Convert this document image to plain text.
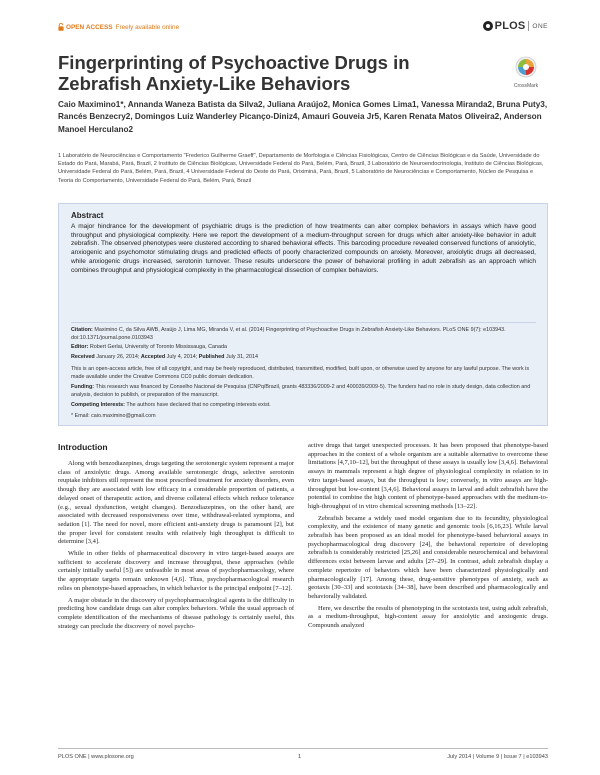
OPEN
ACCESS Freely available online	PLOS ONE
Fingerprinting of Psychoactive Drugs in Zebrafish Anxiety-Like Behaviors	CrossMark
Caio Maximino1*, Annanda Waneza Batista da Silva2, Juliana Araújo2, Monica Gomes Lima1, Vanessa Miranda2, Bruna Puty3, Rancés Benzecry2, Domingos Luiz Wanderley Picanço-Diniz4, Amauri Gouveia Jr5, Karen Renata Matos Oliveira2, Anderson Manoel Herculano2
1 Laboratório de Neurociências e Comportamento "Frederico Guilherme Graeff", Departamento de Morfologia e Ciências Fisiológicas, Centro de Ciências Biológicas e da Saúde, Universidade do Estado do Pará, Marabá, Pará, Brazil, 2 Instituto de Ciências Biológicas, Universidade Federal do Pará, Belém, Pará, Brazil, 3 Laboratório de Neuroendocrinologia, Instituto de Ciências Biológicas, Universidade Federal do Pará, Belém, Pará, Brazil, 4 Universidade Federal do Oeste do Pará, Oriximiná, Pará, Brazil, 5 Laboratório de Neurociências e Comportamento, Núcleo de Pesquisa e Teoria do Comportamento, Universidade Federal do Pará, Belém, Pará, Brazil
Abstract
A major hindrance for the development of psychiatric drugs is the prediction of how treatments can alter complex behaviors in assays which have good throughput and physiological complexity. Here we report the development of a medium-throughput screen for drugs which alter anxiety-like behavior in adult zebrafish. The observed phenotypes were clustered according to shared behavioral effects. This barcoding procedure revealed conserved functions of anxiolytic, anxiogenic and psychomotor stimulating drugs and predicted effects of poorly characterized compounds on anxiety. Moreover, anxiolytic drugs all decreased, while anxiogenic drugs increased, serotonin turnover. These results underscore the power of behavioral profiling in adult zebrafish as an approach which combines throughput and physiological complexity in the pharmacological dissection of complex behaviors.
Citation: Maximino C, da Silva AWB, Araújo J, Lima MG, Miranda V, et al. (2014) Fingerprinting of Psychoactive Drugs in Zebrafish Anxiety-Like Behaviors. PLoS ONE 9(7): e103943. doi:10.1371/journal.pone.0103943
Editor: Robert Gerlai, University of Toronto Mississauga, Canada
Received January 26, 2014; Accepted July 4, 2014; Published July 31, 2014
This is an open-access article, free of all copyright, and may be freely reproduced, distributed, transmitted, modified, built upon, or otherwise used by anyone for any lawful purpose. The work is made available under the Creative Commons CC0 public domain dedication.
Funding: This research was financed by Conselho Nacional de Pesquisa (CNPq/Brazil, grants 483336/2009-2 and 400039/2009-5). The funders had no role in study design, data collection and analysis, decision to publish, or preparation of the manuscript.
Competing Interests: The authors have declared that no competing interests exist.
* Email: caio.maximino@gmail.com
Introduction

Along with benzodiazepines, drugs targeting the serotonergic system represent a major class of anxiolytic drugs. Among available serotonergic drugs, selective serotonin reuptake inhibitors still represent the most prescribed treatment for anxiety disorders, even though they are associated with low efficacy in a considerable proportion of patients, a delayed onset of therapeutic action, and diverse collateral effects which reduce tolerance (e.g., sexual dysfunction, weight changes). Benzodiazepines, on the other hand, are associated with decreased responsiveness over time, withdrawal-related symptoms, and sedation [1]. The need for novel, more efficient anti-anxiety drugs is paramount [2], but the proper level for consistent results with relatively high throughput is difficult to determine [3,4].

While in other fields of pharmaceutical discovery in vitro target-based assays are sufficient to accelerate discovery and increase throughput, these approaches (while certainly initially useful [5]) are unfeasible in most areas of psychopharmacology, where the appropriate targets remain unknown [4,6]. Thus, psychopharmacological research relies on phenotype-based approaches, in which behavior is the principal endpoint [7–12].

A major obstacle in the discovery of psychopharmacological agents is the difficulty in predicting how candidate drugs can alter complex behaviors. While the usual approach of complete identification of the mechanisms of disease pathology is certainly useful, this strategy can preclude the discovery of novel psycho-

active drugs that target unexpected processes. It has been proposed that phenotype-based approaches in the context of a whole organism are a suitable alternative to overcome these limitations [4,7,10–12], but the throughput of these assays is usually low [3,4,6]. Behavioral assays in mammals represent a high degree of physiological complexity in relation to in vitro target-based assays, but the throughput is low; conversely, in vitro assays are high-throughput but low-content [3,4,6]. Behavioral assays in larval and adult zebrafish have the potential to combine the high content of phenotype-based approaches with the medium-to-high-throughput of in vitro chemical screening methods [13–22].

Zebrafish became a widely used model organism due to its fecundity, physiological complexity, and the existence of many genetic and genomic tools [6,16,23]. While larval zebrafish has been proposed as an ideal model for phenotype-based behavioral assays in psychopharmacological drug discovery [24], the behavioral repertoire of developing zebrafish is considerably restricted [25,26] and considerable neurochemical and behavioral differences exist between larvae and adults [27–29]. In contrast, adult zebrafish display a complete repertoire of behaviors which have been characterized physiologically and pharmacologically [17]. Among these, drug-sensitive phenotypes of anxiety, such as geotaxis [30–33] and scototaxis [34–38], have been described and pharmacologically and behaviorally validated.

Here, we describe the results of phenotyping in the scototaxis test, using adult zebrafish, as a medium-throughput, high-content assay for anxiolytic and anxiogenic drugs. Compounds analyzed

PLOS ONE | www.plosone.org	1	July 2014 | Volume 9 | Issue 7 | e103943
